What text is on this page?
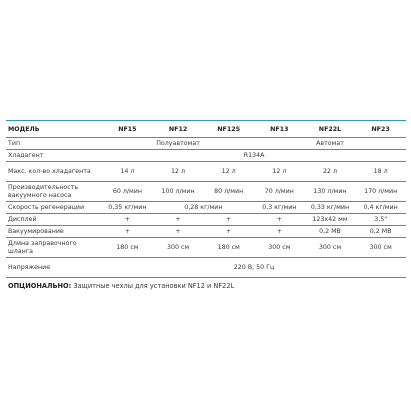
МОДЕЛЬ	NF15	NF12	NF12S	NF13	NF22L	NF23
Тип	Полуавтомат			Автомат		
Хладагент	R134A					
Макс. кол-во хладагента	14 л	12 л	12 л	12 л	22 л	18 л
Производительность вакуумного насоса	60 л/мин	100 л/мин	80 л/мин	70 л/мин	130 л/мин	170 л/мин
Скорость регенерации	0,35 кг/мин	0,28 кг/мин		0,3 кг/мин	0,33 кг/мин	0,4 кг/мин
Дисплей	+	+	+	+	123х42 мм	3,5"
Вакуумирование	+	+	+	+	0,2 МВ	0,2 МВ
Длина заправочного шланга	180 см	300 см	180 см	300 см	300 см	300 см
Напряжение	220 В, 50 Гц					
ОПЦИОНАЛЬНО: Защитные чехлы для установки NF12 и NF22L
